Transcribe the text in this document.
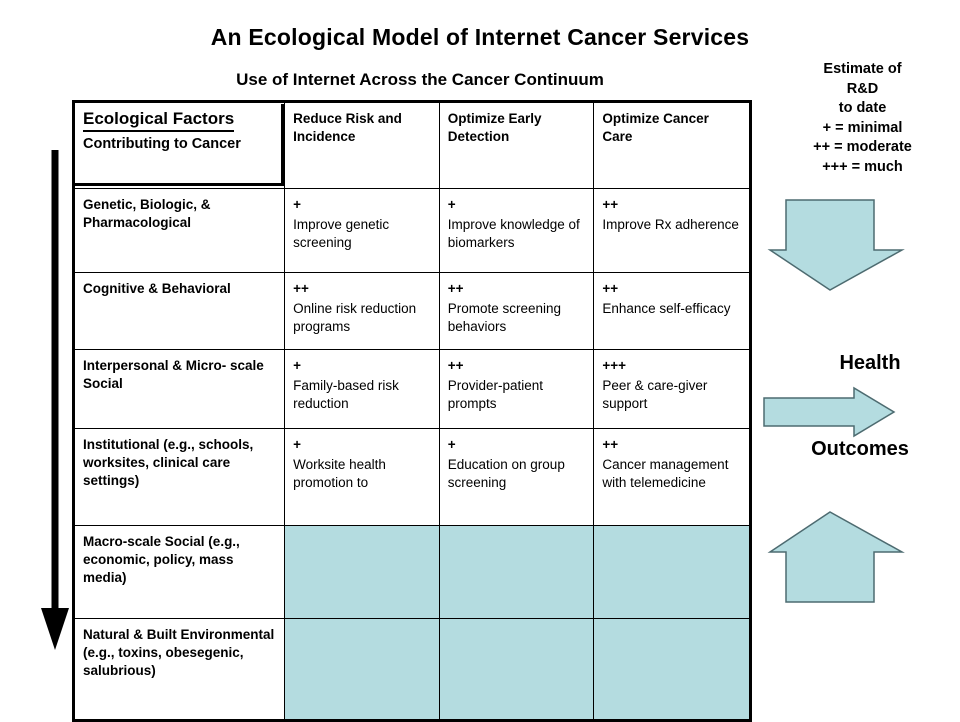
An Ecological Model of Internet Cancer Services
Use of Internet Across the Cancer Continuum
Estimate of
R&D
to date
+ = minimal
++ = moderate
+++ = much
Reduce Risk and Incidence
Optimize Early Detection
Optimize Cancer Care
Genetic, Biologic, & Pharmacological
+
Improve genetic screening
+
Improve knowledge of biomarkers
++
Improve Rx adherence
Cognitive & Behavioral	++
Online risk reduction programs
++
Promote screening behaviors
++
Enhance self-efficacy
Interpersonal & Micro- scale Social
+
Family-based risk reduction
++
Provider-patient prompts
+++
Peer & care-giver support
Institutional (e.g., schools, worksites, clinical care settings)
+
Worksite health promotion to
+
Education on group screening
++
Cancer management with telemedicine
Macro-scale Social (e.g., economic, policy, mass media)
Natural & Built Environmental (e.g., toxins, obesegenic, salubrious)
Ecological Factors
Contributing to Cancer
Health
Outcomes
